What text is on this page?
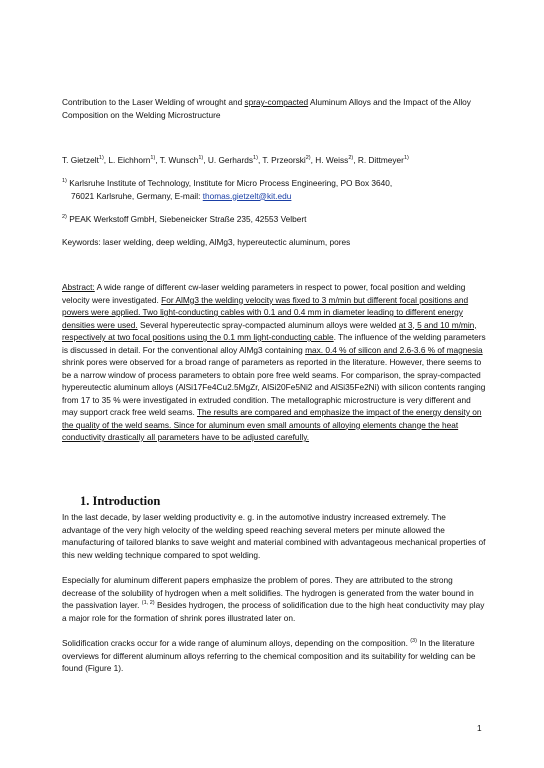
Contribution to the Laser Welding of wrought and spray-compacted Aluminum Alloys and the Impact of the Alloy Composition on the Welding Microstructure
T. Gietzelt$^{1)}$, L. Eichhorn$^{1)}$, T. Wunsch$^{1)}$, U. Gerhards$^{1)}$, T. Przeorski$^{2)}$, H. Weiss$^{2)}$, R. Dittmeyer$^{1)}$
$^{1)}$ Karlsruhe Institute of Technology, Institute for Micro Process Engineering, PO Box 3640,
76021 Karlsruhe, Germany, E-mail: thomas.gietzelt@kit.edu
$^{2)}$ PEAK Werkstoff GmbH, Siebeneicker Straße 235, 42553 Velbert
Keywords: laser welding, deep welding, AlMg3, hypereutectic aluminum, pores
Abstract: A wide range of different cw-laser welding parameters in respect to power, focal position and welding velocity were investigated. For AlMg3 the welding velocity was fixed to 3 m/min but different focal positions and powers were applied. Two light-conducting cables with 0.1 and 0.4 mm in diameter leading to different energy densities were used. Several hypereutectic spray-compacted aluminum alloys were welded at 3, 5 and 10 m/min, respectively at two focal positions using the 0.1 mm light-conducting cable. The influence of the welding parameters is discussed in detail. For the conventional alloy AlMg3 containing max. 0.4 % of silicon and 2.6-3.6 % of magnesia shrink pores were observed for a broad range of parameters as reported in the literature. However, there seems to be a narrow window of process parameters to obtain pore free weld seams. For comparison, the spray-compacted hypereutectic aluminum alloys (AlSi17Fe4Cu2.5MgZr, AlSi20Fe5Ni2 and AlSi35Fe2Ni) with silicon contents ranging from 17 to 35 % were investigated in extruded condition. The metallographic microstructure is very different and may support crack free weld seams. The results are compared and emphasize the impact of the energy density on the quality of the weld seams. Since for aluminum even small amounts of alloying elements change the heat conductivity drastically all parameters have to be adjusted carefully.
1. Introduction
In the last decade, by laser welding productivity e. g. in the automotive industry increased extremely. The advantage of the very high velocity of the welding speed reaching several meters per minute allowed the manufacturing of tailored blanks to save weight and material combined with advantageous mechanical properties of this new welding technique compared to spot welding.
Especially for aluminum different papers emphasize the problem of pores. They are attributed to the strong decrease of the solubility of hydrogen when a melt solidifies. The hydrogen is generated from the water bound in the passivation layer. $^{(1, 2)}$ Besides hydrogen, the process of solidification due to the high heat conductivity may play a major role for the formation of shrink pores illustrated later on.
Solidification cracks occur for a wide range of aluminum alloys, depending on the composition. $^{(3)}$ In the literature overviews for different aluminum alloys referring to the chemical composition and its suitability for welding can be found (Figure 1).
1
